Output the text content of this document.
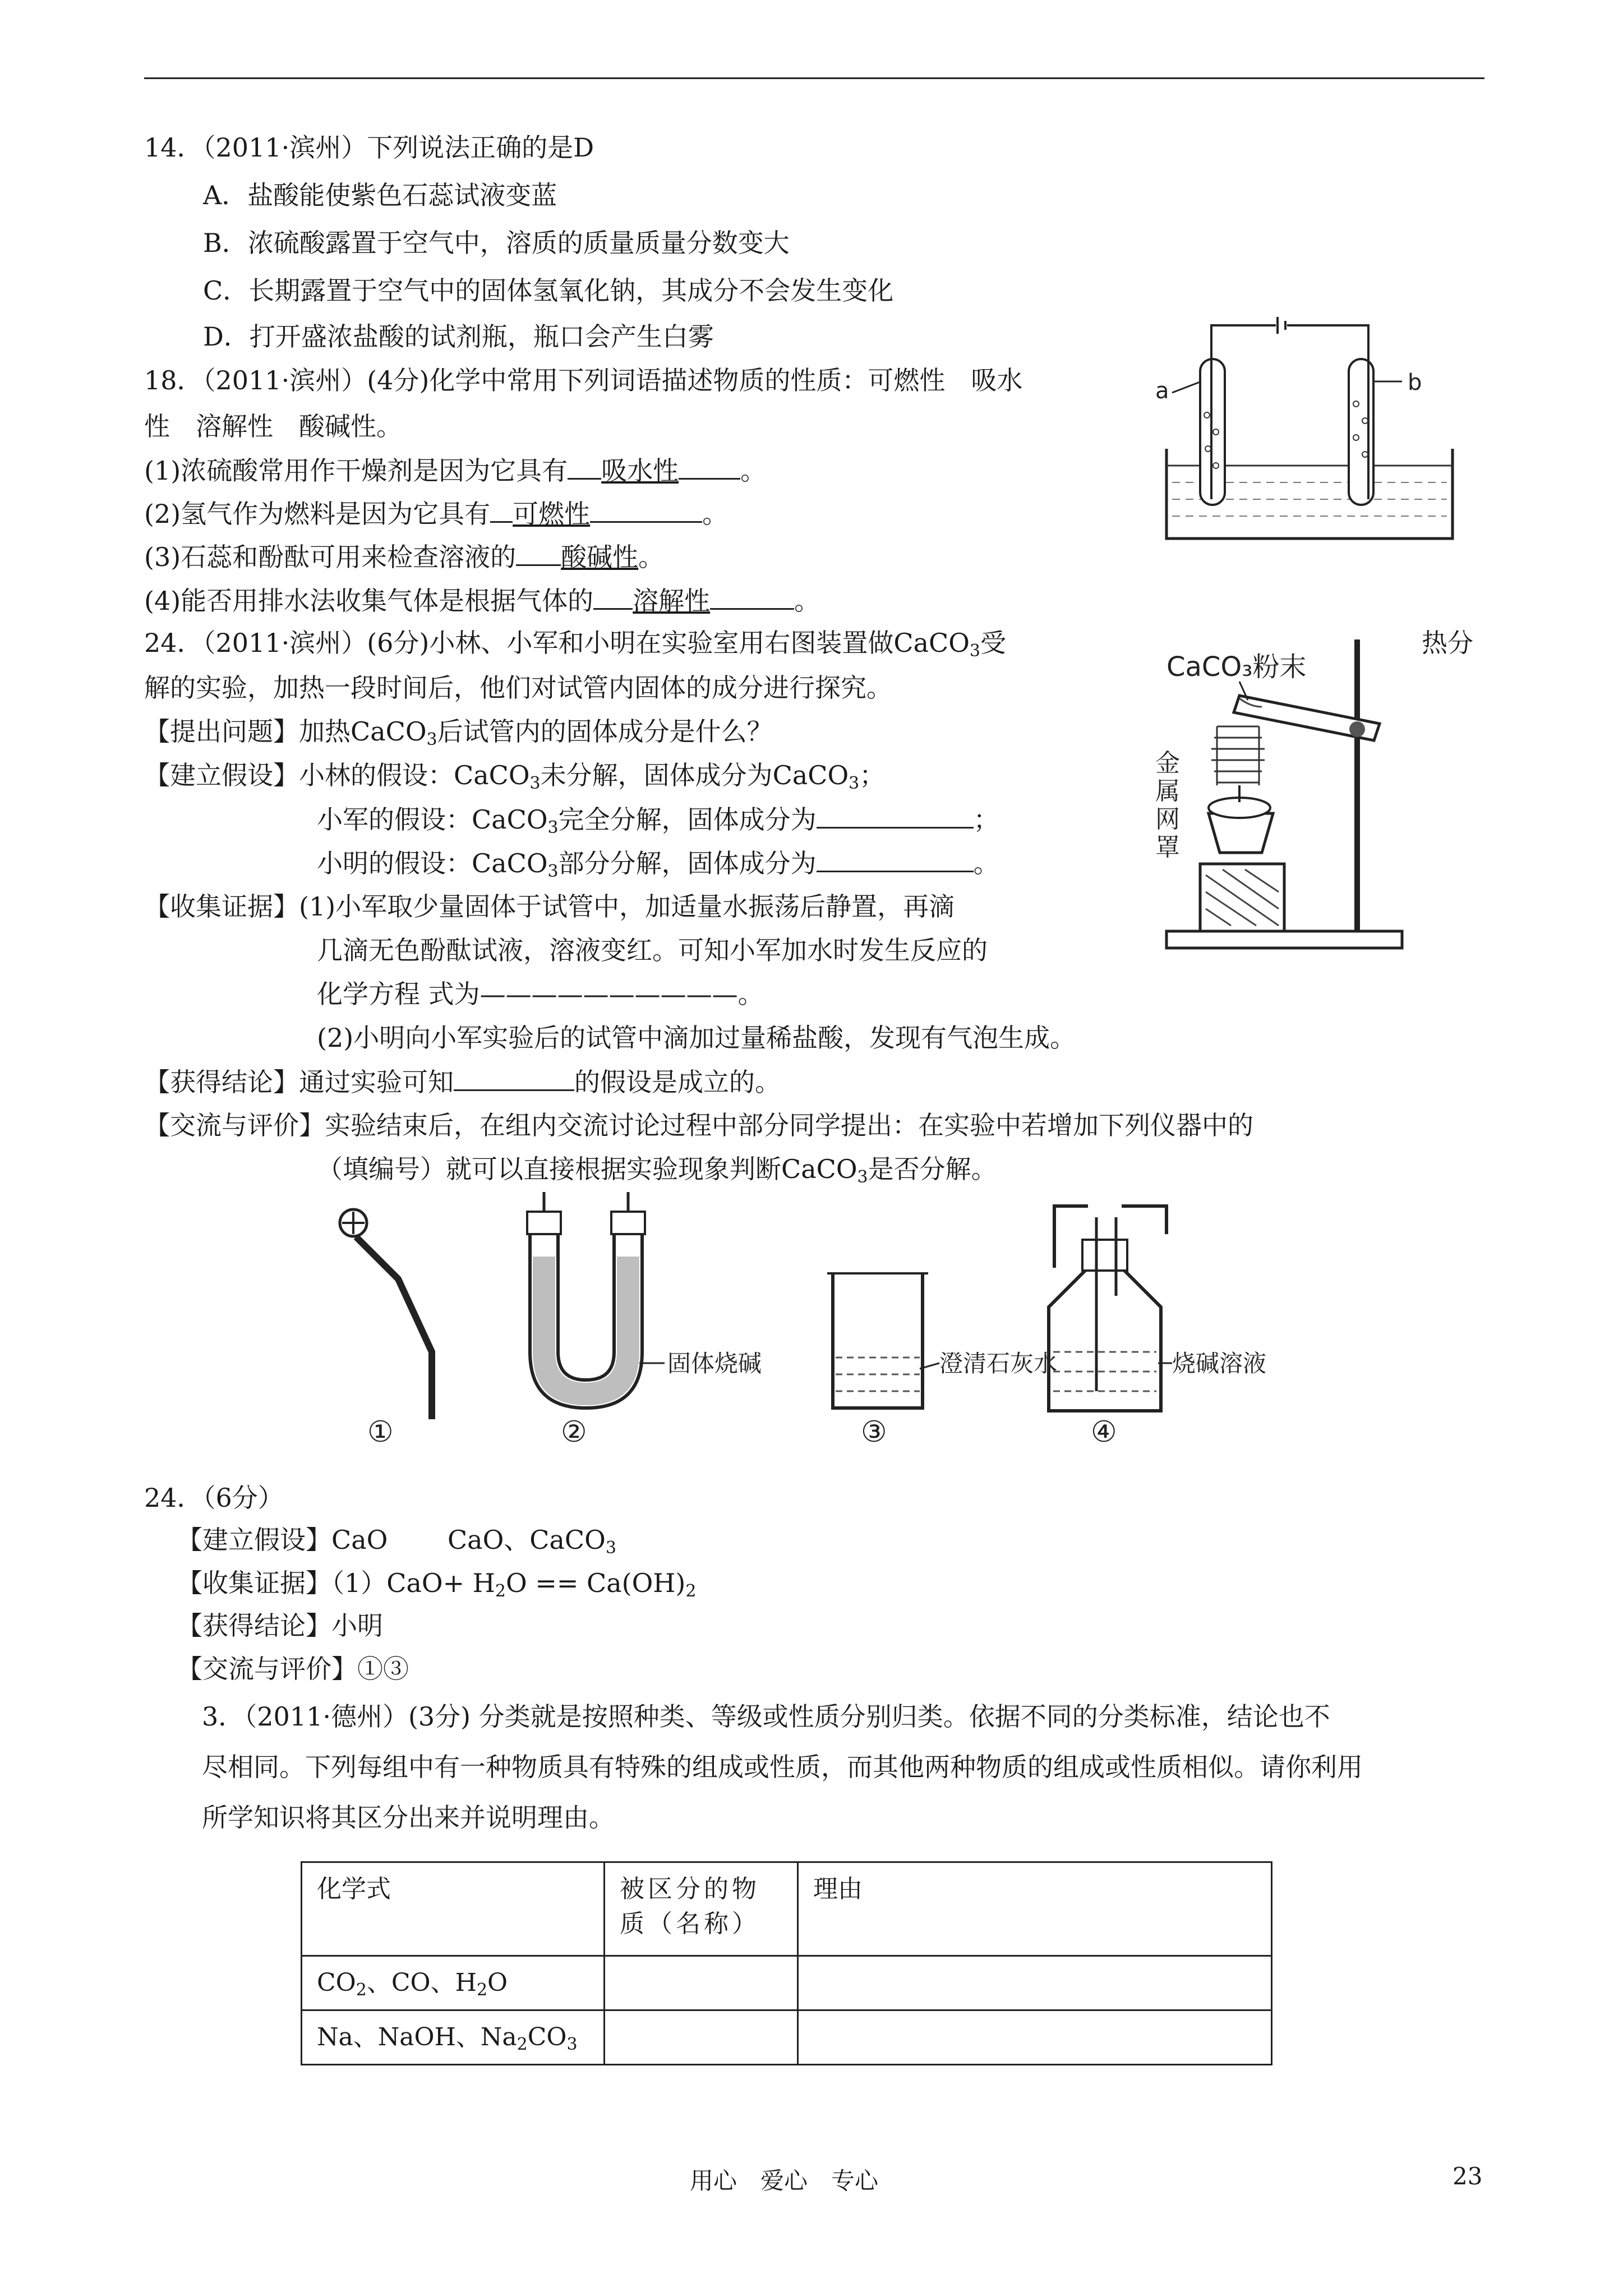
14．（2011·滨州）下列说法正确的是D
A．盐酸能使紫色石蕊试液变蓝
B．浓硫酸露置于空气中，溶质的质量质量分数变大
C．长期露置于空气中的固体氢氧化钠，其成分不会发生变化
D．打开盛浓盐酸的试剂瓶，瓶口会产生白雾
18．（2011·滨州）(4分)化学中常用下列词语描述物质的性质：可燃性　吸水
性　溶解性　酸碱性。
(1)浓硫酸常用作干燥剂是因为它具有 吸水性 。
(2)氢气作为燃料是因为它具有 可燃性	。
(3)石蕊和酚酞可用来检查溶液的 酸碱性。
(4)能否用排水法收集气体是根据气体的 溶解性	。
a	b
24．（2011·滨州）(6分)小林、小军和小明在实验室用右图装置做CaCO$_3$受	热分
解的实验，加热一段时间后，他们对试管内固体的成分进行探究。
【提出问题】加热CaCO$_3$后试管内的固体成分是什么？
【建立假设】小林的假设：CaCO$_3$未分解，固体成分为CaCO$_3$；
小军的假设：CaCO$_3$完全分解，固体成分为	；
小明的假设：CaCO$_3$部分分解，固体成分为	。
【收集证据】(1)小军取少量固体于试管中，加适量水振荡后静置，再滴
几滴无色酚酞试液，溶液变红。可知小军加水时发生反应的
化学方程 式为——————————。
(2)小明向小军实验后的试管中滴加过量稀盐酸，发现有气泡生成。
【获得结论】通过实验可知	的假设是成立的。
【交流与评价】实验结束后，在组内交流讨论过程中部分同学提出：在实验中若增加下列仪器中的
（填编号）就可以直接根据实验现象判断CaCO$_3$是否分解。
CaCO₃粉末
金属网罩
①
固体烧碱
②
澄清石灰水
③
烧碱溶液
④
24．（6分）
【建立假设】CaO　　 CaO、CaCO$_3$
【收集证据】$(1)CaO+ H_2O == Ca(OH)_2$
【获得结论】小明
【交流与评价】①③
3．（2011·德州）(3分) 分类就是按照种类、等级或性质分别归类。依据不同的分类标准，结论也不
尽相同。下列每组中有一种物质具有特殊的组成或性质，而其他两种物质的组成或性质相似。请你利用
所学知识将其区分出来并说明理由。
化学式	被区分的物质（名称）	理由
$CO_2$、CO、$H_2O$		
Na、NaOH、$Na_2CO_3$		
用心　爱心　专心	23
